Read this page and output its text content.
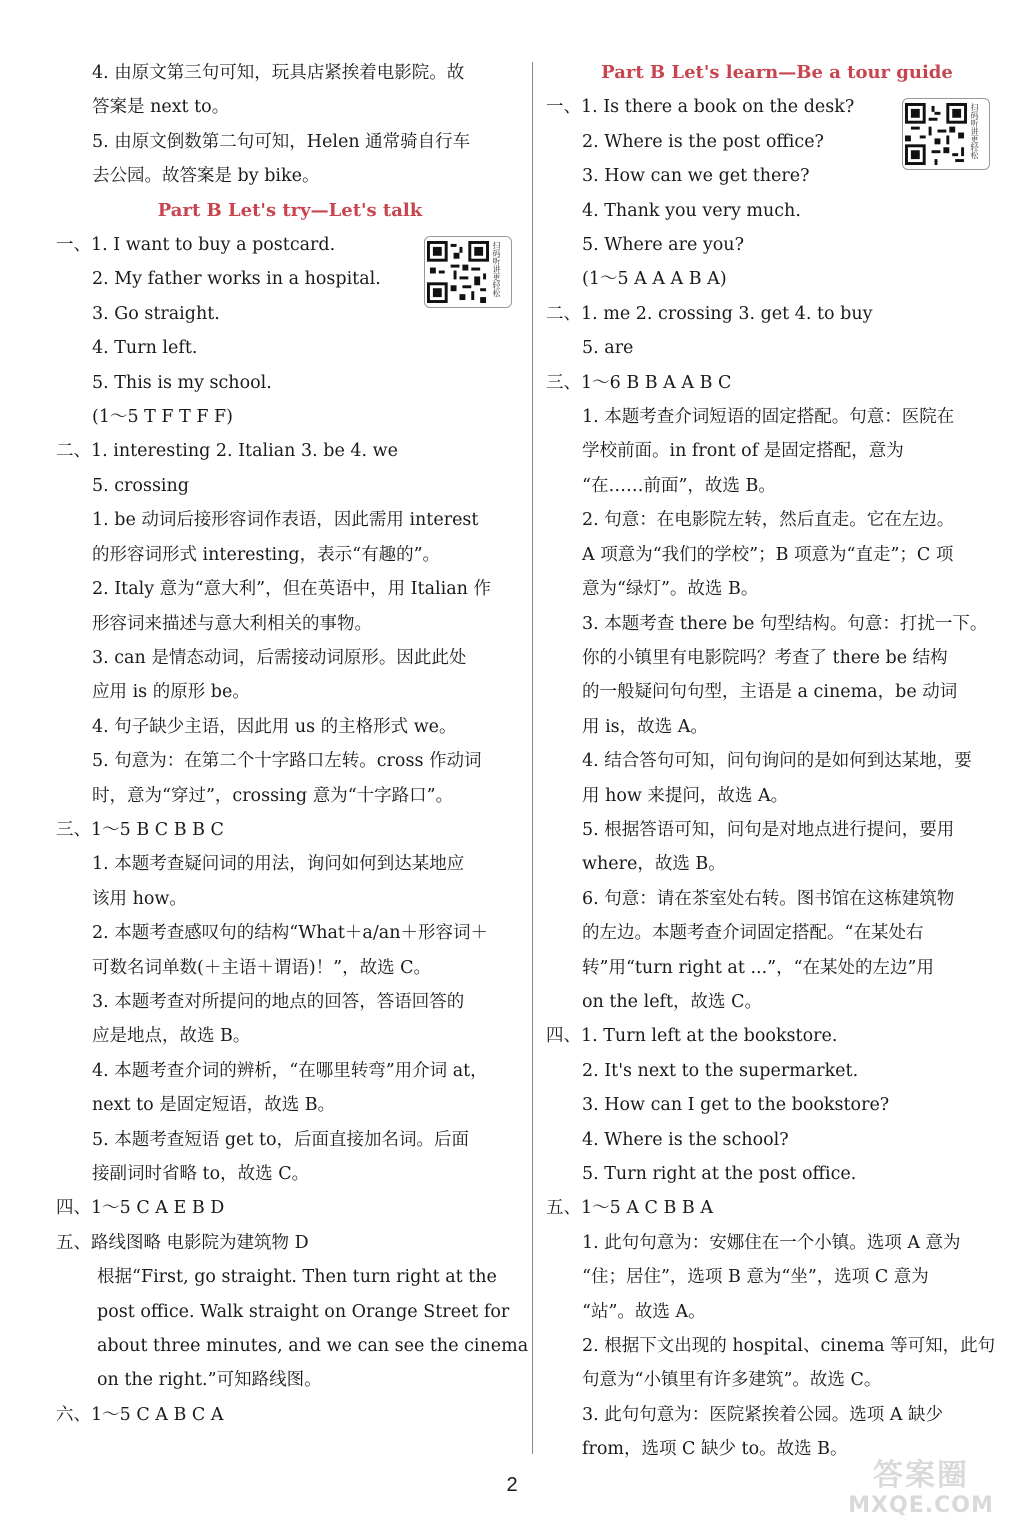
4. 由原文第三句可知，玩具店紧挨着电影院。故
答案是 next to。
5. 由原文倒数第二句可知，Helen 通常骑自行车
去公园。故答案是 by bike。
Part B Let's try—Let's talk
一、1. I want to buy a postcard.
2. My father works in a hospital.
3. Go straight.
4. Turn left.
5. This is my school.
(1～5 T F T F F)
二、1. interesting 2. Italian 3. be 4. we
5. crossing
1. be 动词后接形容词作表语，因此需用 interest
的形容词形式 interesting，表示“有趣的”。
2. Italy 意为“意大利”，但在英语中，用 Italian 作
形容词来描述与意大利相关的事物。
3. can 是情态动词，后需接动词原形。因此此处
应用 is 的原形 be。
4. 句子缺少主语，因此用 us 的主格形式 we。
5. 句意为：在第二个十字路口左转。cross 作动词
时，意为“穿过”，crossing 意为“十字路口”。
三、1～5 B C B B C
1. 本题考查疑问词的用法，询问如何到达某地应
该用 how。
2. 本题考查感叹句的结构“What＋a/an＋形容词＋
可数名词单数(＋主语＋谓语)！”，故选 C。
3. 本题考查对所提问的地点的回答，答语回答的
应是地点，故选 B。
4. 本题考查介词的辨析，“在哪里转弯”用介词 at，
next to 是固定短语，故选 B。
5. 本题考查短语 get to，后面直接加名词。后面
接副词时省略 to，故选 C。
四、1～5 C A E B D
五、路线图略 电影院为建筑物 D
根据“First, go straight. Then turn right at the
post office. Walk straight on Orange Street for
about three minutes, and we can see the cinema
on the right.”可知路线图。
六、1～5 C A B C A
扫码听讲更轻松
Part B Let's learn—Be a tour guide
一、1. Is there a book on the desk?
2. Where is the post office?
3. How can we get there?
4. Thank you very much.
5. Where are you?
(1～5 A A A B A)
二、1. me 2. crossing 3. get 4. to buy
5. are
三、1～6 B B A A B C
1. 本题考查介词短语的固定搭配。句意：医院在
学校前面。in front of 是固定搭配，意为
“在……前面”，故选 B。
2. 句意：在电影院左转，然后直走。它在左边。
A 项意为“我们的学校”；B 项意为“直走”；C 项
意为“绿灯”。故选 B。
3. 本题考查 there be 句型结构。句意：打扰一下。
你的小镇里有电影院吗？考查了 there be 结构
的一般疑问句句型，主语是 a cinema，be 动词
用 is，故选 A。
4. 结合答句可知，问句询问的是如何到达某地，要
用 how 来提问，故选 A。
5. 根据答语可知，问句是对地点进行提问，要用
where，故选 B。
6. 句意：请在茶室处右转。图书馆在这栋建筑物
的左边。本题考查介词固定搭配。“在某处右
转”用“turn right at ...”，“在某处的左边”用
on the left，故选 C。
四、1. Turn left at the bookstore.
2. It's next to the supermarket.
3. How can I get to the bookstore?
4. Where is the school?
5. Turn right at the post office.
五、1～5 A C B B A
1. 此句句意为：安娜住在一个小镇。选项 A 意为
“住；居住”，选项 B 意为“坐”，选项 C 意为
“站”。故选 A。
2. 根据下文出现的 hospital、cinema 等可知，此句
句意为“小镇里有许多建筑”。故选 C。
3. 此句句意为：医院紧挨着公园。选项 A 缺少
from，选项 C 缺少 to。故选 B。
扫码听讲更轻松
2	答案圈
MXQE.COM
